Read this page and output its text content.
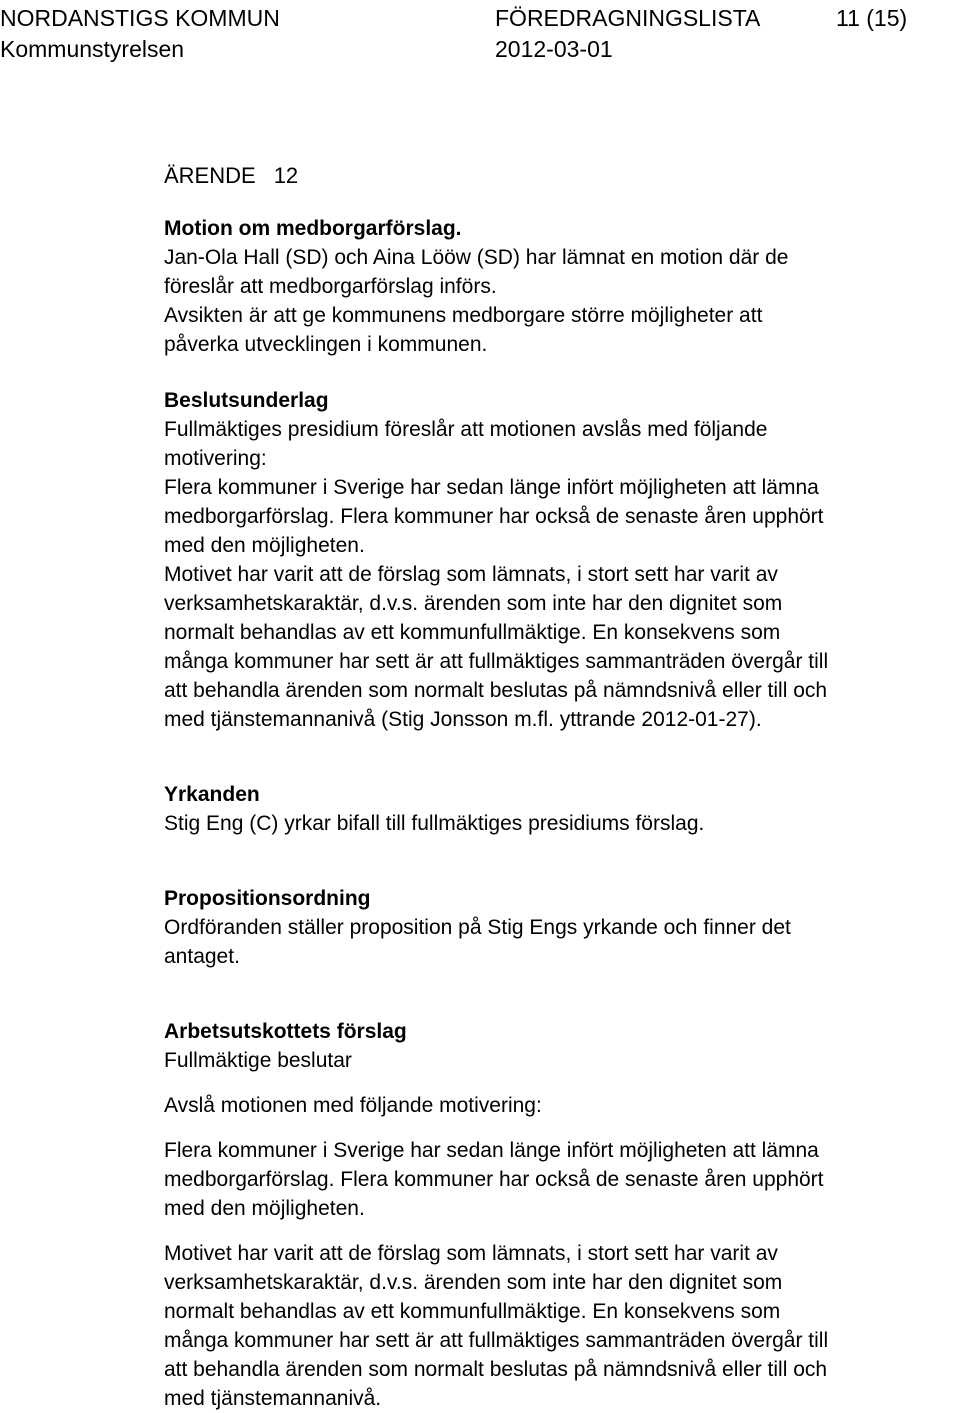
NORDANSTIGS KOMMUN	FÖREDRAGNINGSLISTA	11 (15)
Kommunstyrelsen	2012-03-01

ÄRENDE 12

Motion om medborgarförslag.

Jan-Ola Hall (SD) och Aina Lööw (SD) har lämnat en motion där de

föreslår att medborgarförslag införs.

Avsikten är att ge kommunens medborgare större möjligheter att

påverka utvecklingen i kommunen.

Beslutsunderlag

Fullmäktiges presidium föreslår att motionen avslås med följande

motivering:

Flera kommuner i Sverige har sedan länge infört möjligheten att lämna

medborgarförslag. Flera kommuner har också de senaste åren upphört

med den möjligheten.

Motivet har varit att de förslag som lämnats, i stort sett har varit av

verksamhetskaraktär, d.v.s. ärenden som inte har den dignitet som

normalt behandlas av ett kommunfullmäktige. En konsekvens som

många kommuner har sett är att fullmäktiges sammanträden övergår till

att behandla ärenden som normalt beslutas på nämndsnivå eller till och

med tjänstemannanivå (Stig Jonsson m.fl. yttrande 2012-01-27).

Yrkanden

Stig Eng (C) yrkar bifall till fullmäktiges presidiums förslag.

Propositionsordning

Ordföranden ställer proposition på Stig Engs yrkande och finner det

antaget.

Arbetsutskottets förslag

Fullmäktige beslutar

Avslå motionen med följande motivering:

Flera kommuner i Sverige har sedan länge infört möjligheten att lämna

medborgarförslag. Flera kommuner har också de senaste åren upphört

med den möjligheten.

Motivet har varit att de förslag som lämnats, i stort sett har varit av

verksamhetskaraktär, d.v.s. ärenden som inte har den dignitet som

normalt behandlas av ett kommunfullmäktige. En konsekvens som

många kommuner har sett är att fullmäktiges sammanträden övergår till

att behandla ärenden som normalt beslutas på nämndsnivå eller till och

med tjänstemannanivå.
